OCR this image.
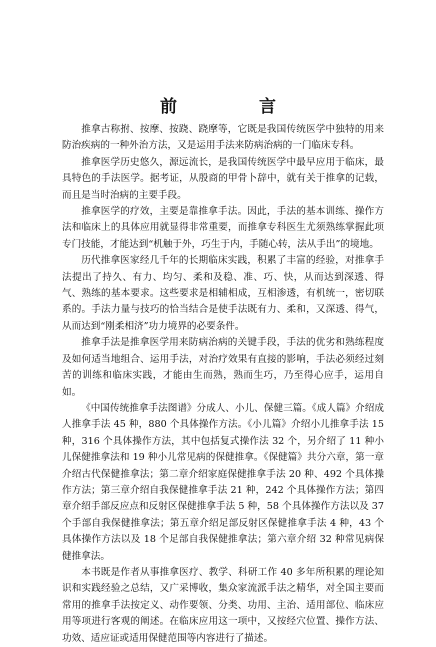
前 言

推拿古称拊、按摩、按跷、跷摩等，它既是我国传统医学中独特的用来防治疾病的一种外治方法，又是运用手法来防病治病的一门临床专科。

推拿医学历史悠久，源远流长，是我国传统医学中最早应用于临床，最具特色的手法医学。据考证，从殷商的甲骨卜辞中，就有关于推拿的记载，而且是当时治病的主要手段。

推拿医学的疗效，主要是靠推拿手法。因此，手法的基本训练、操作方法和临床上的具体应用就显得非常重要，而推拿专科医生尤须熟练掌握此项专门技能，才能达到“机触于外，巧生于内，手随心转，法从手出”的境地。

历代推拿医家经几千年的长期临床实践，积累了丰富的经验，对推拿手法提出了持久、有力、均匀、柔和及稳、准、巧、快，从而达到深透、得气、熟练的基本要求。这些要求是相辅相成，互相渗透，有机统一，密切联系的。手法力量与技巧的恰当结合是使手法既有力、柔和，又深透、得气，从而达到“刚柔相济”功力境界的必要条件。

推拿手法是推拿医学用来防病治病的关键手段，手法的优劣和熟练程度及如何适当地组合、运用手法，对治疗效果有直接的影响，手法必须经过刻苦的训练和临床实践，才能由生而熟，熟而生巧，乃至得心应手，运用自如。

《中国传统推拿手法图谱》分成人、小儿、保健三篇。《成人篇》介绍成人推拿手法 45 种，880 个具体操作方法。《小儿篇》介绍小儿推拿手法 15 种，316 个具体操作方法，其中包括复式操作法 32 个，另介绍了 11 种小儿保健推拿法和 19 种小儿常见病的保健推拿。《保健篇》共分六章，第一章介绍古代保健推拿法；第二章介绍家庭保健推拿手法 20 种、492 个具体操作方法；第三章介绍自我保健推拿手法 21 种，242 个具体操作方法；第四章介绍手部反应点和反射区保健推拿手法 5 种，58 个具体操作方法以及 37 个手部自我保健推拿法；第五章介绍足部反射区保健推拿手法 4 种，43 个具体操作方法以及 18 个足部自我保健推拿法；第六章介绍 32 种常见病保健推拿法。

本书既是作者从事推拿医疗、教学、科研工作 40 多年所积累的理论知识和实践经验之总结，又广采博收，集众家流派手法之精华，对全国主要而常用的推拿手法按定义、动作要领、分类、功用、主治、适用部位、临床应用等项进行客观的阐述。在临床应用这一项中，又按经穴位置、操作方法、功效、适应证或适用保健范围等内容进行了描述。
